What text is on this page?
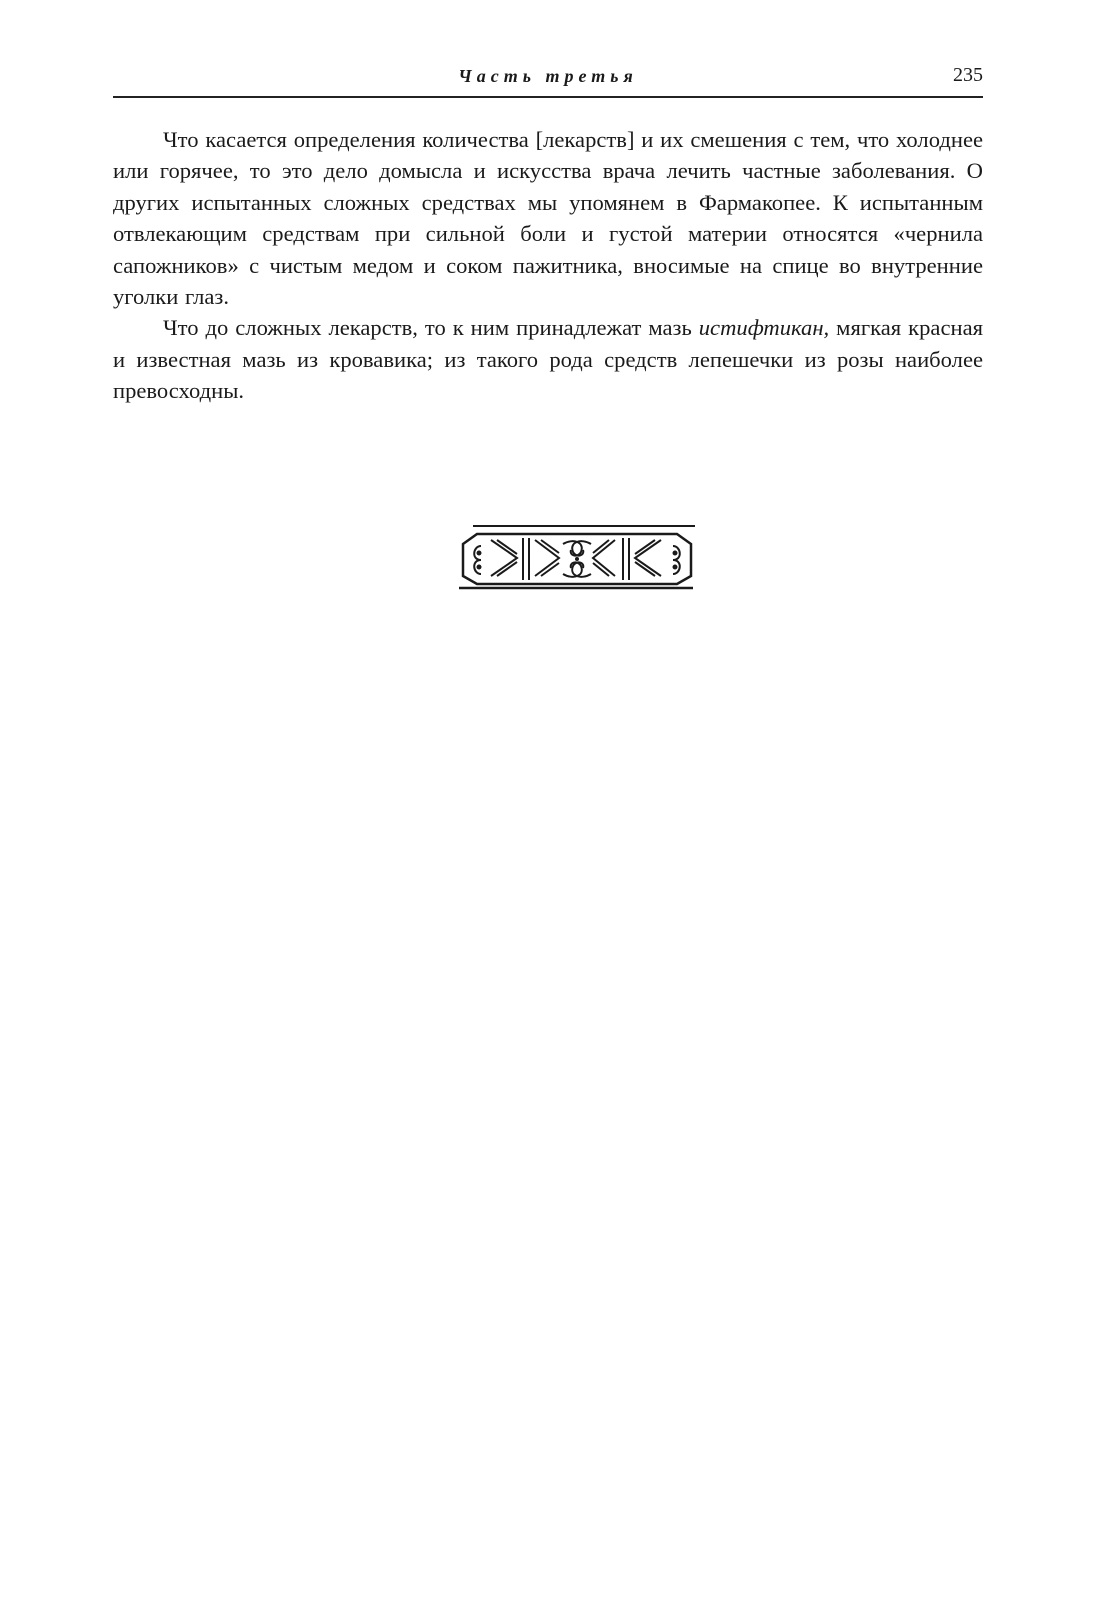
Часть третья	235

Что касается определения количества [лекарств] и их смешения с тем, что холоднее или горячее, то это дело домысла и искусства врача лечить частные заболевания. О других испытанных сложных средствах мы упомянем в Фармакопее. К испытанным отвлекающим средствам при сильной боли и густой материи относятся «чернила сапожников» с чистым медом и соком пажитника, вносимые на спице во внутренние уголки глаз.

Что до сложных лекарств, то к ним принадлежат мазь истифтикан, мягкая красная и известная мазь из кровавика; из такого рода средств лепешечки из розы наиболее превосходны.
